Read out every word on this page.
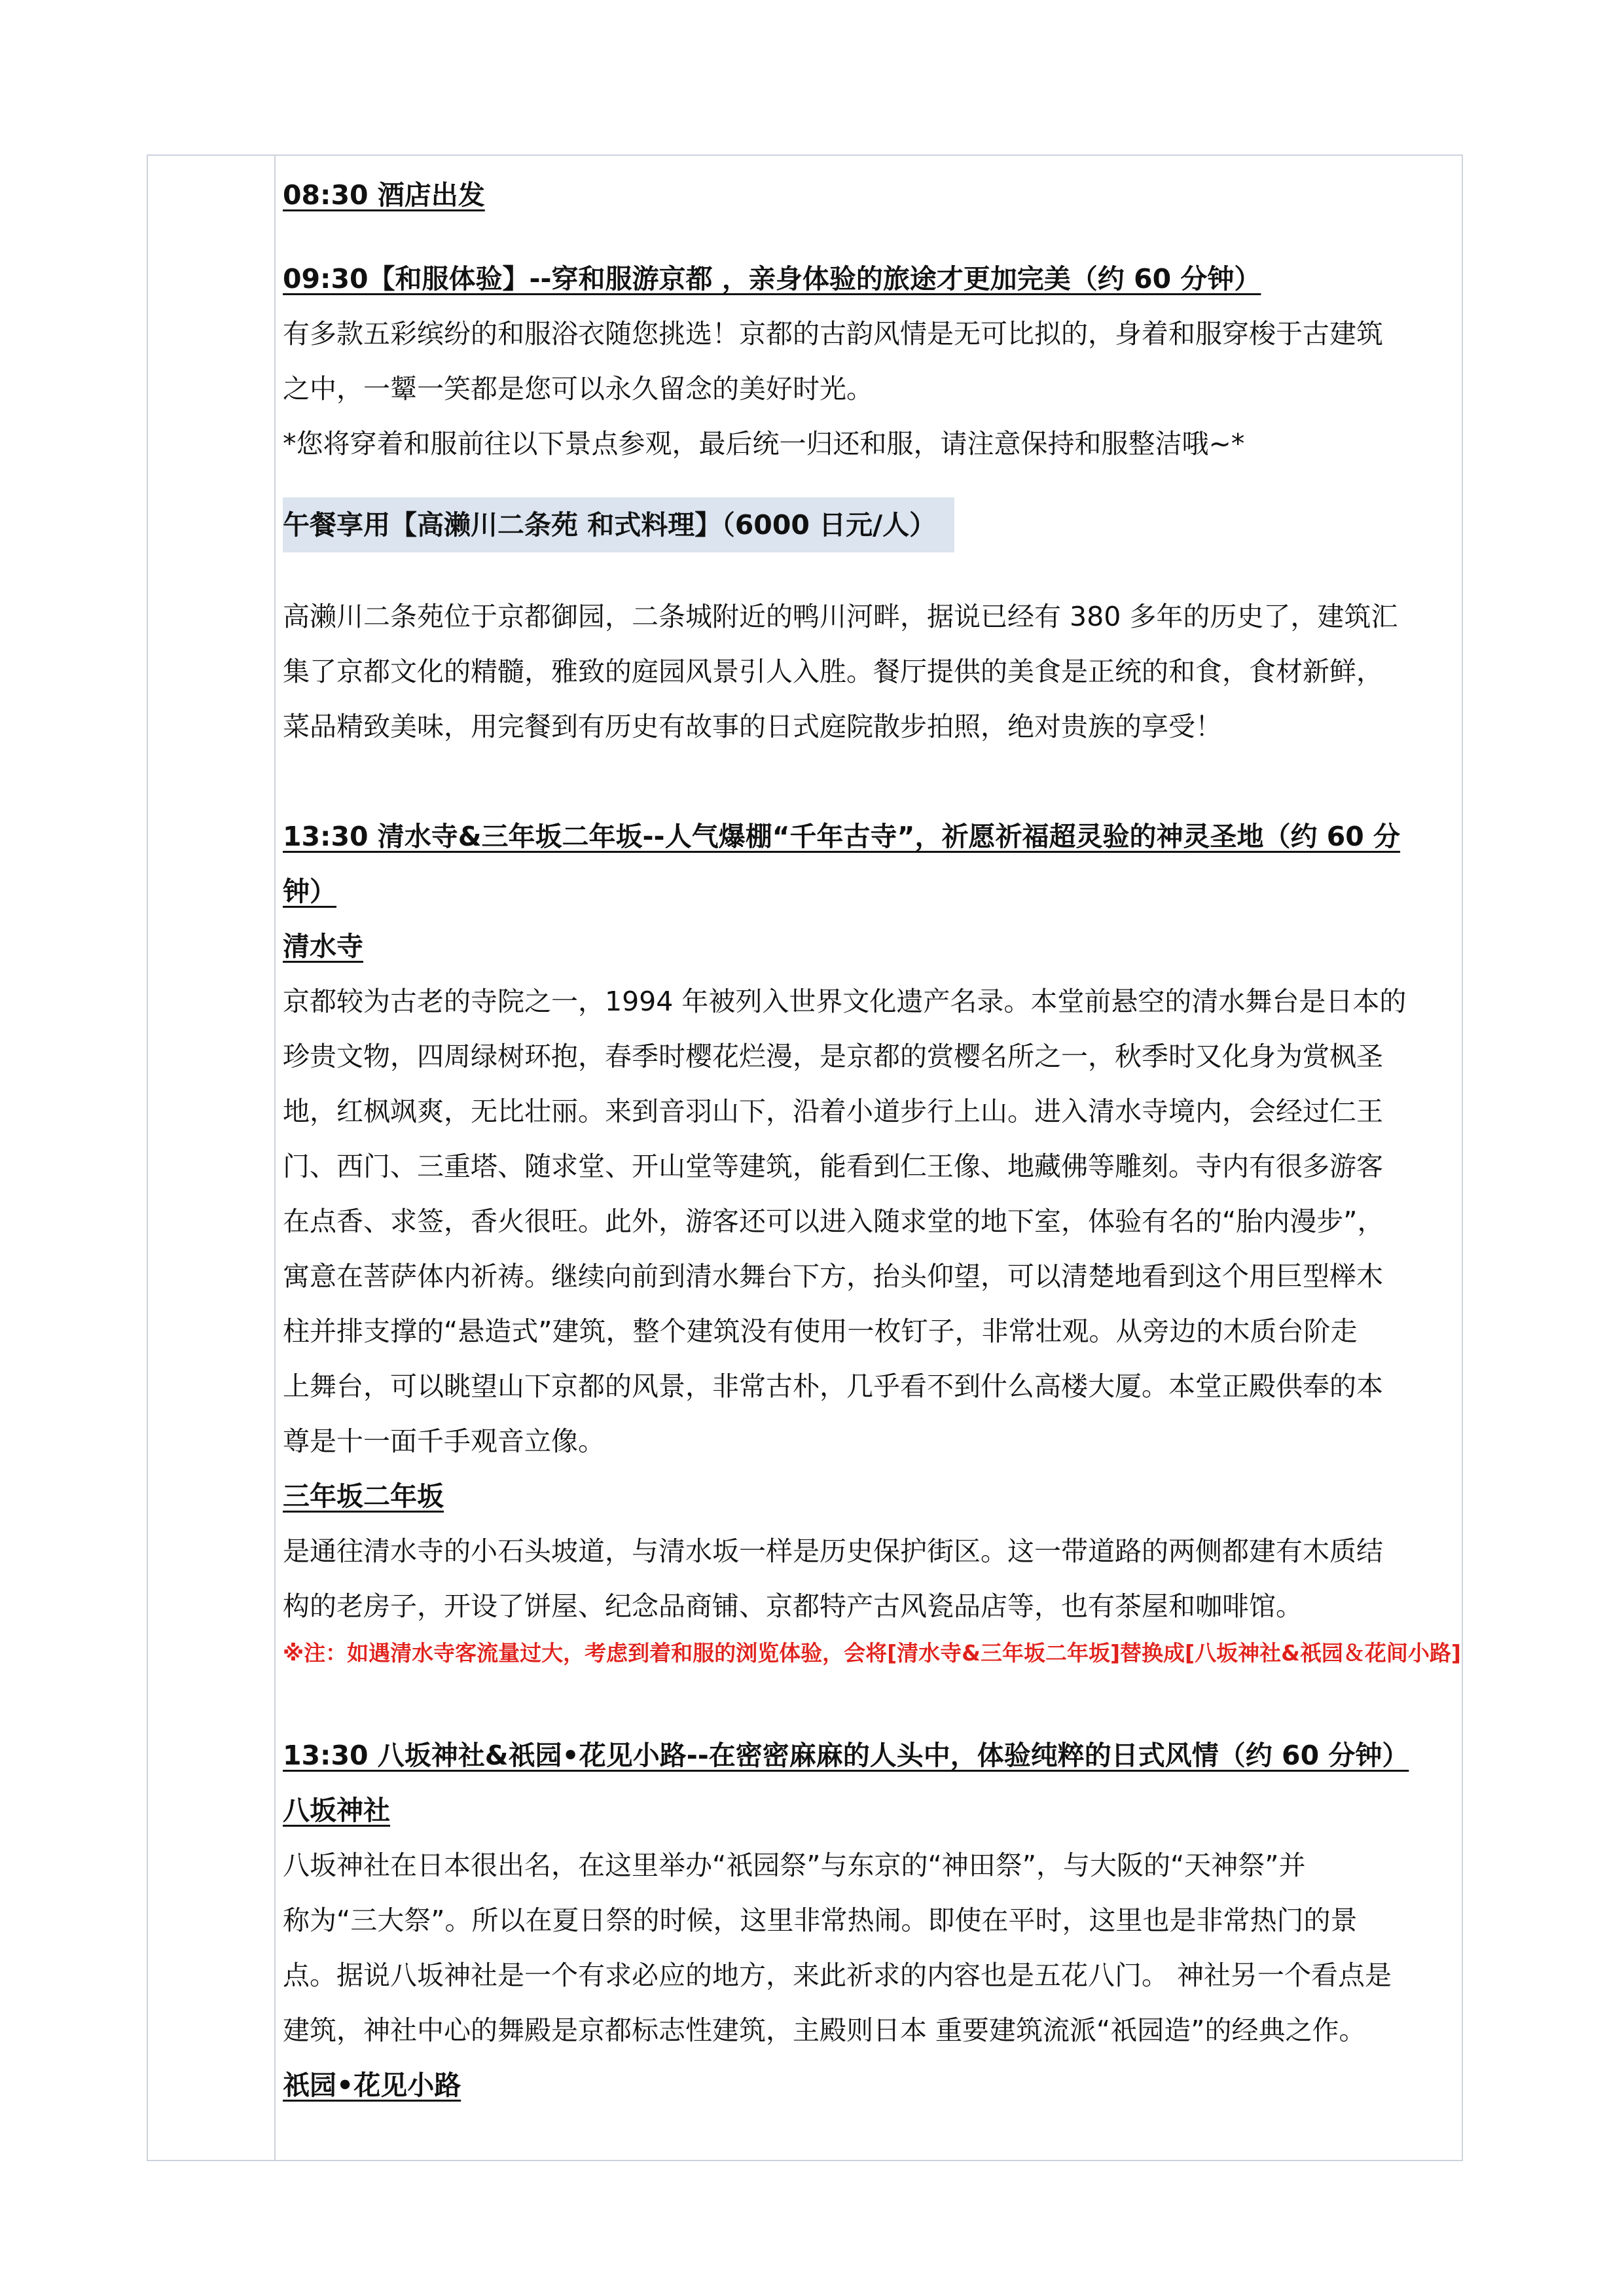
08:30 酒店出发

09:30【和服体验】--穿和服游京都 ，亲身体验的旅途才更加完美（约 60 分钟）

有多款五彩缤纷的和服浴衣随您挑选！京都的古韵风情是无可比拟的，身着和服穿梭于古建筑

之中，一颦一笑都是您可以永久留念的美好时光。

*您将穿着和服前往以下景点参观，最后统一归还和服，请注意保持和服整洁哦~*

午餐享用【高濑川二条苑 和式料理】（6000 日元/人）

高濑川二条苑位于京都御园，二条城附近的鸭川河畔，据说已经有 380 多年的历史了，建筑汇

集了京都文化的精髓，雅致的庭园风景引人入胜。餐厅提供的美食是正统的和食，食材新鲜，

菜品精致美味，用完餐到有历史有故事的日式庭院散步拍照，绝对贵族的享受！

13:30 清水寺&三年坂二年坂--人气爆棚“千年古寺”，祈愿祈福超灵验的神灵圣地（约 60 分

钟）

清水寺

京都较为古老的寺院之一，1994 年被列入世界文化遗产名录。本堂前悬空的清水舞台是日本的

珍贵文物，四周绿树环抱，春季时樱花烂漫，是京都的赏樱名所之一，秋季时又化身为赏枫圣

地，红枫飒爽，无比壮丽。来到音羽山下，沿着小道步行上山。进入清水寺境内，会经过仁王

门、西门、三重塔、随求堂、开山堂等建筑，能看到仁王像、地藏佛等雕刻。寺内有很多游客

在点香、求签，香火很旺。此外，游客还可以进入随求堂的地下室，体验有名的“胎内漫步”，

寓意在菩萨体内祈祷。继续向前到清水舞台下方，抬头仰望，可以清楚地看到这个用巨型榉木

柱并排支撑的“悬造式”建筑，整个建筑没有使用一枚钉子，非常壮观。从旁边的木质台阶走

上舞台，可以眺望山下京都的风景，非常古朴，几乎看不到什么高楼大厦。本堂正殿供奉的本

尊是十一面千手观音立像。

三年坂二年坂

是通往清水寺的小石头坡道，与清水坂一样是历史保护街区。这一带道路的两侧都建有木质结

构的老房子，开设了饼屋、纪念品商铺、京都特产古风瓷品店等，也有茶屋和咖啡馆。

※注：如遇清水寺客流量过大，考虑到着和服的浏览体验，会将[清水寺&三年坂二年坂]替换成[八坂神社&祇园＆花间小路]

13:30 八坂神社&祇园•花见小路--在密密麻麻的人头中，体验纯粹的日式风情（约 60 分钟）

八坂神社

八坂神社在日本很出名，在这里举办“祇园祭”与东京的“神田祭”，与大阪的“天神祭”并

称为“三大祭”。所以在夏日祭的时候，这里非常热闹。即使在平时，这里也是非常热门的景

点。据说八坂神社是一个有求必应的地方，来此祈求的内容也是五花八门。 神社另一个看点是

建筑，神社中心的舞殿是京都标志性建筑，主殿则日本 重要建筑流派“祇园造”的经典之作。

祇园•花见小路
